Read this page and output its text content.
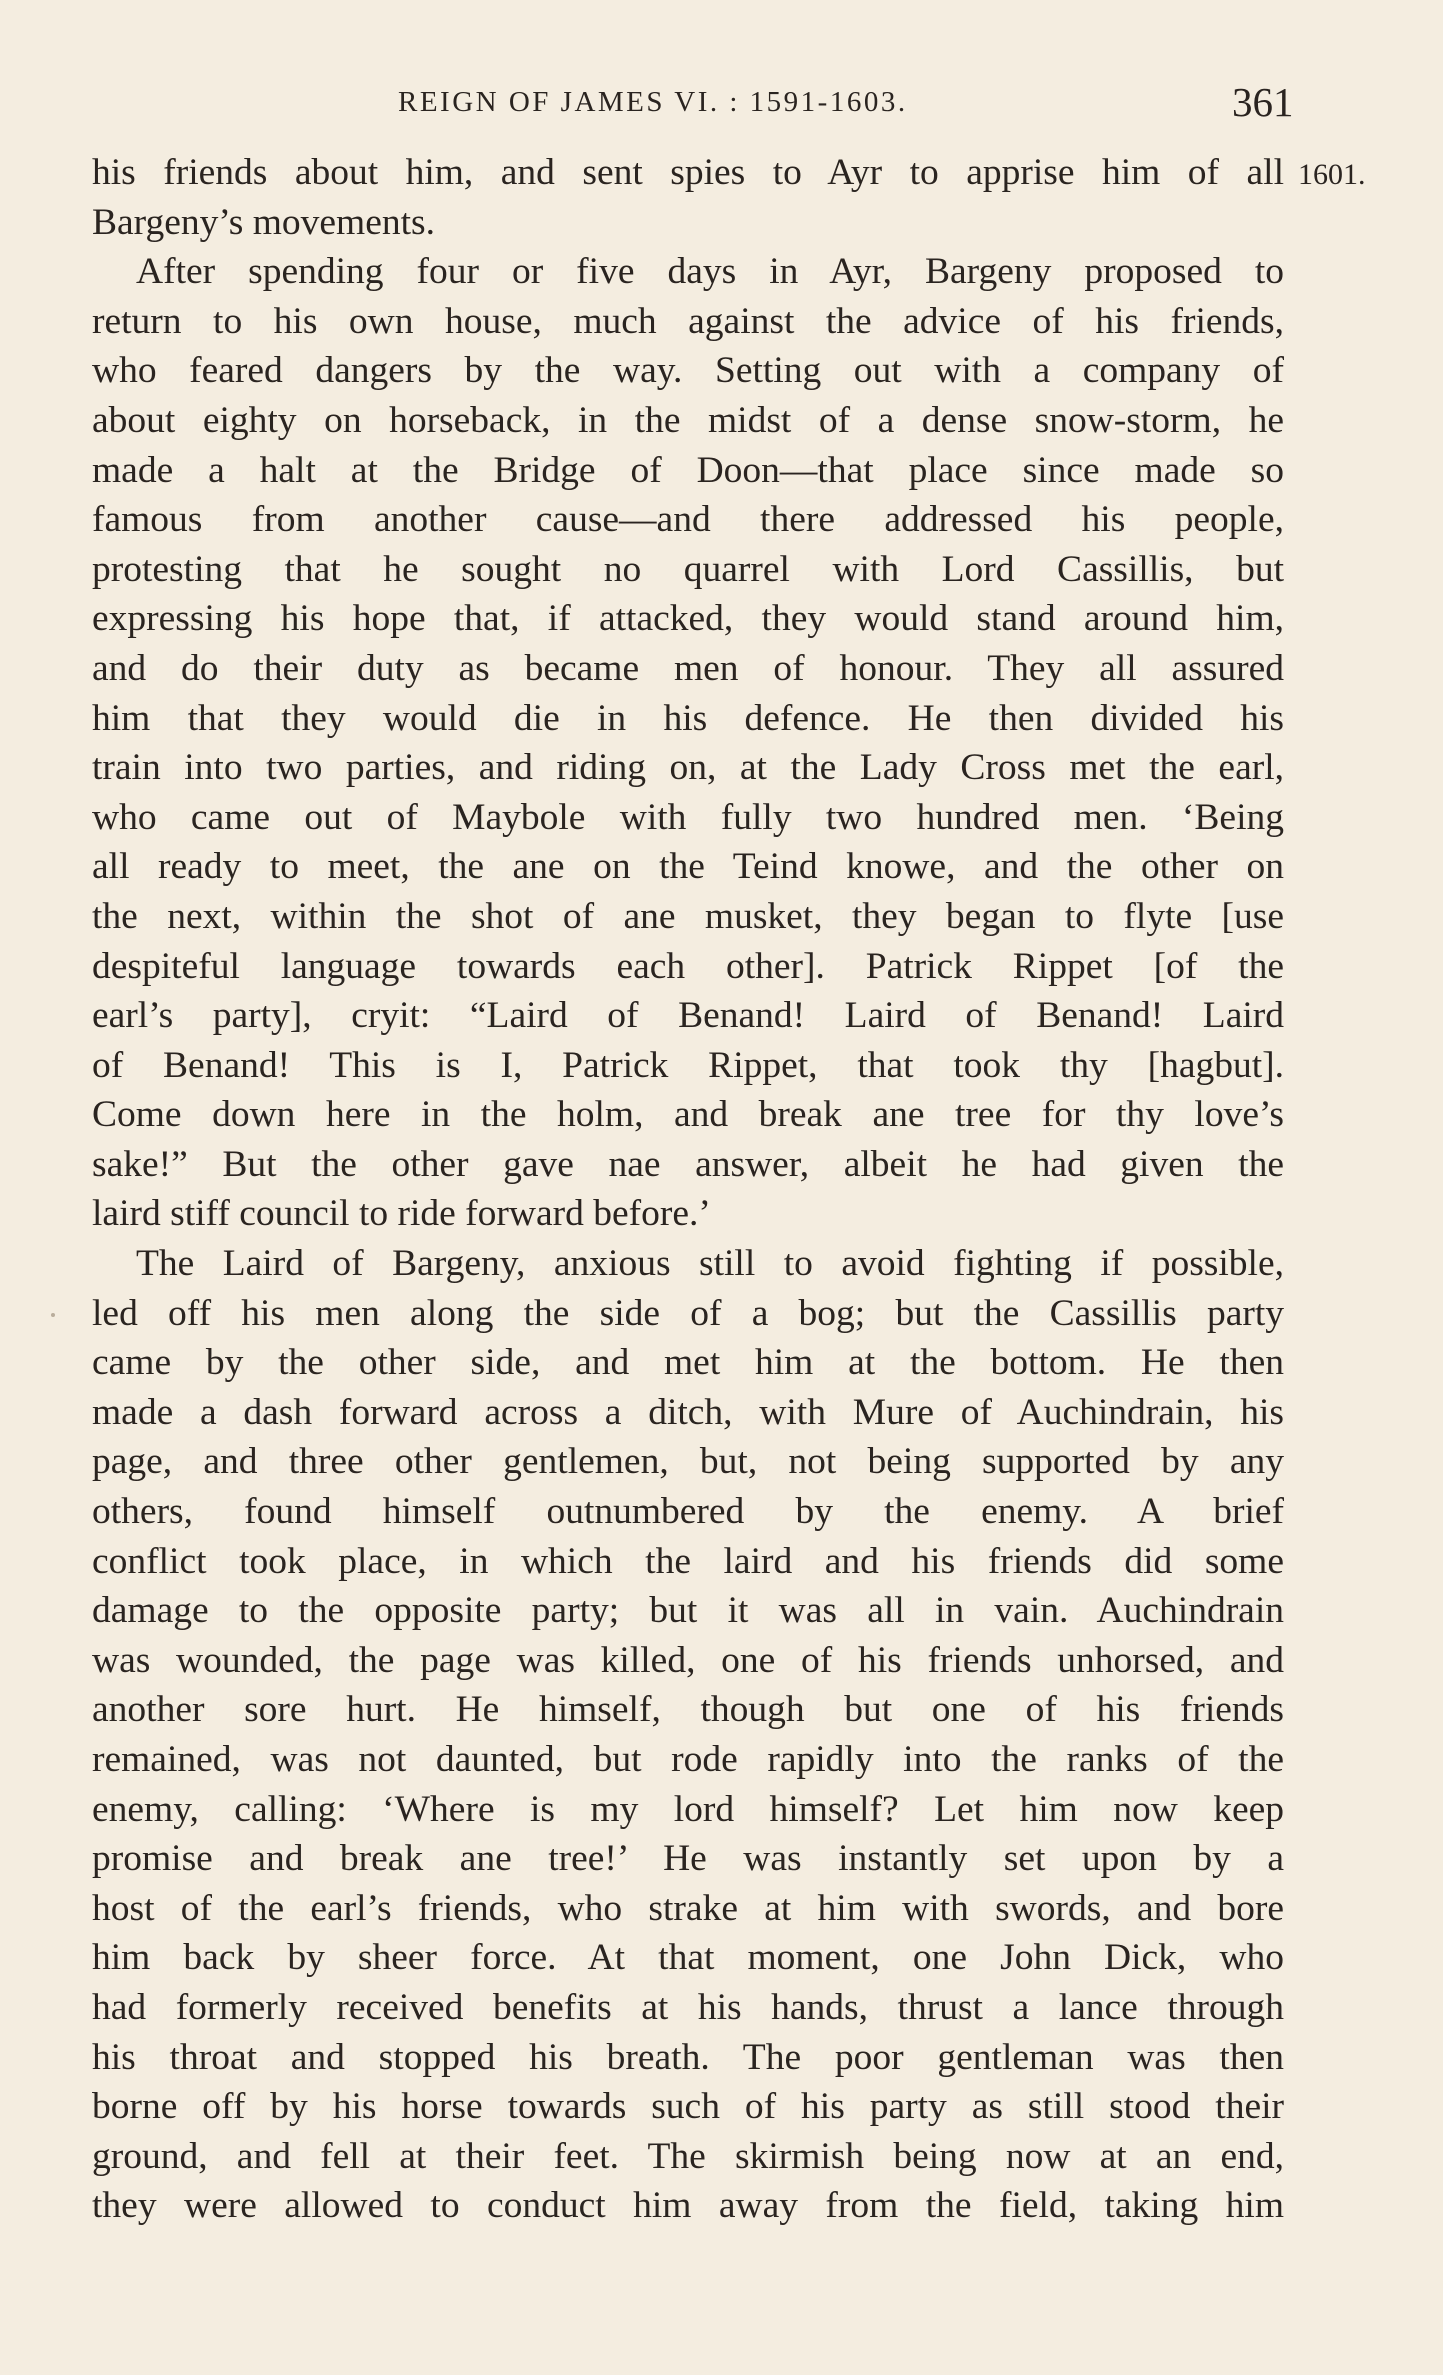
REIGN OF JAMES VI. : 1591-1603.	361
1601.
his friends about him, and sent spies to Ayr to apprise him of all
Bargeny’s movements.
After spending four or five days in Ayr, Bargeny proposed to
return to his own house, much against the advice of his friends,
who feared dangers by the way. Setting out with a company of
about eighty on horseback, in the midst of a dense snow-storm, he
made a halt at the Bridge of Doon—that place since made so
famous from another cause—and there addressed his people,
protesting that he sought no quarrel with Lord Cassillis, but
expressing his hope that, if attacked, they would stand around him,
and do their duty as became men of honour. They all assured
him that they would die in his defence. He then divided his
train into two parties, and riding on, at the Lady Cross met the earl,
who came out of Maybole with fully two hundred men. ‘Being
all ready to meet, the ane on the Teind knowe, and the other on
the next, within the shot of ane musket, they began to flyte [use
despiteful language towards each other]. Patrick Rippet [of the
earl’s party], cryit: “Laird of Benand! Laird of Benand! Laird
of Benand! This is I, Patrick Rippet, that took thy [hagbut].
Come down here in the holm, and break ane tree for thy love’s
sake!” But the other gave nae answer, albeit he had given the
laird stiff council to ride forward before.’
The Laird of Bargeny, anxious still to avoid fighting if possible,
led off his men along the side of a bog; but the Cassillis party
came by the other side, and met him at the bottom. He then
made a dash forward across a ditch, with Mure of Auchindrain, his
page, and three other gentlemen, but, not being supported by any
others, found himself outnumbered by the enemy. A brief
conflict took place, in which the laird and his friends did some
damage to the opposite party; but it was all in vain. Auchindrain
was wounded, the page was killed, one of his friends unhorsed, and
another sore hurt. He himself, though but one of his friends
remained, was not daunted, but rode rapidly into the ranks of the
enemy, calling: ‘Where is my lord himself? Let him now keep
promise and break ane tree!’ He was instantly set upon by a
host of the earl’s friends, who strake at him with swords, and bore
him back by sheer force. At that moment, one John Dick, who
had formerly received benefits at his hands, thrust a lance through
his throat and stopped his breath. The poor gentleman was then
borne off by his horse towards such of his party as still stood their
ground, and fell at their feet. The skirmish being now at an end,
they were allowed to conduct him away from the field, taking him
